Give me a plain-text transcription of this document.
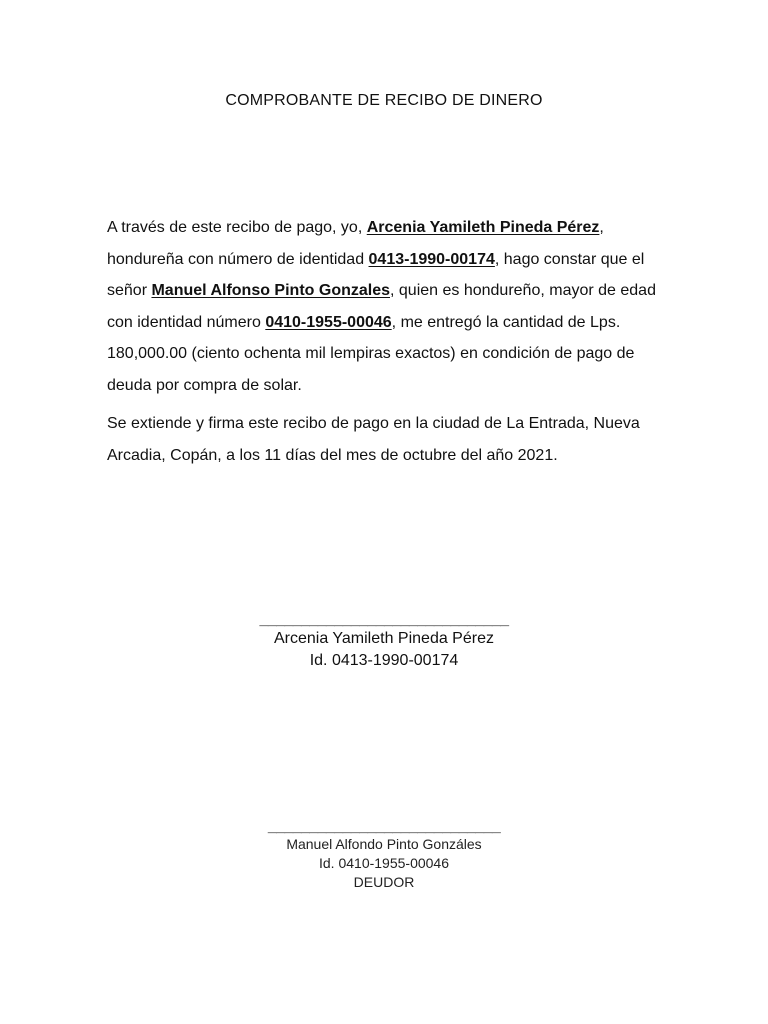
COMPROBANTE DE RECIBO DE DINERO

A través de este recibo de pago, yo, Arcenia Yamileth Pineda Pérez, hondureña con número de identidad 0413-1990-00174, hago constar que el señor Manuel Alfonso Pinto Gonzales, quien es hondureño, mayor de edad con identidad número 0410-1955-00046, me entregó la cantidad de Lps. 180,000.00 (ciento ochenta mil lempiras exactos) en condición de pago de deuda por compra de solar.

Se extiende y firma este recibo de pago en la ciudad de La Entrada, Nueva Arcadia, Copán, a los 11 días del mes de octubre del año 2021.

______________________________
Arcenia Yamileth Pineda Pérez
Id. 0413-1990-00174
____________________________
Manuel Alfondo Pinto Gonzáles
Id. 0410-1955-00046
DEUDOR
